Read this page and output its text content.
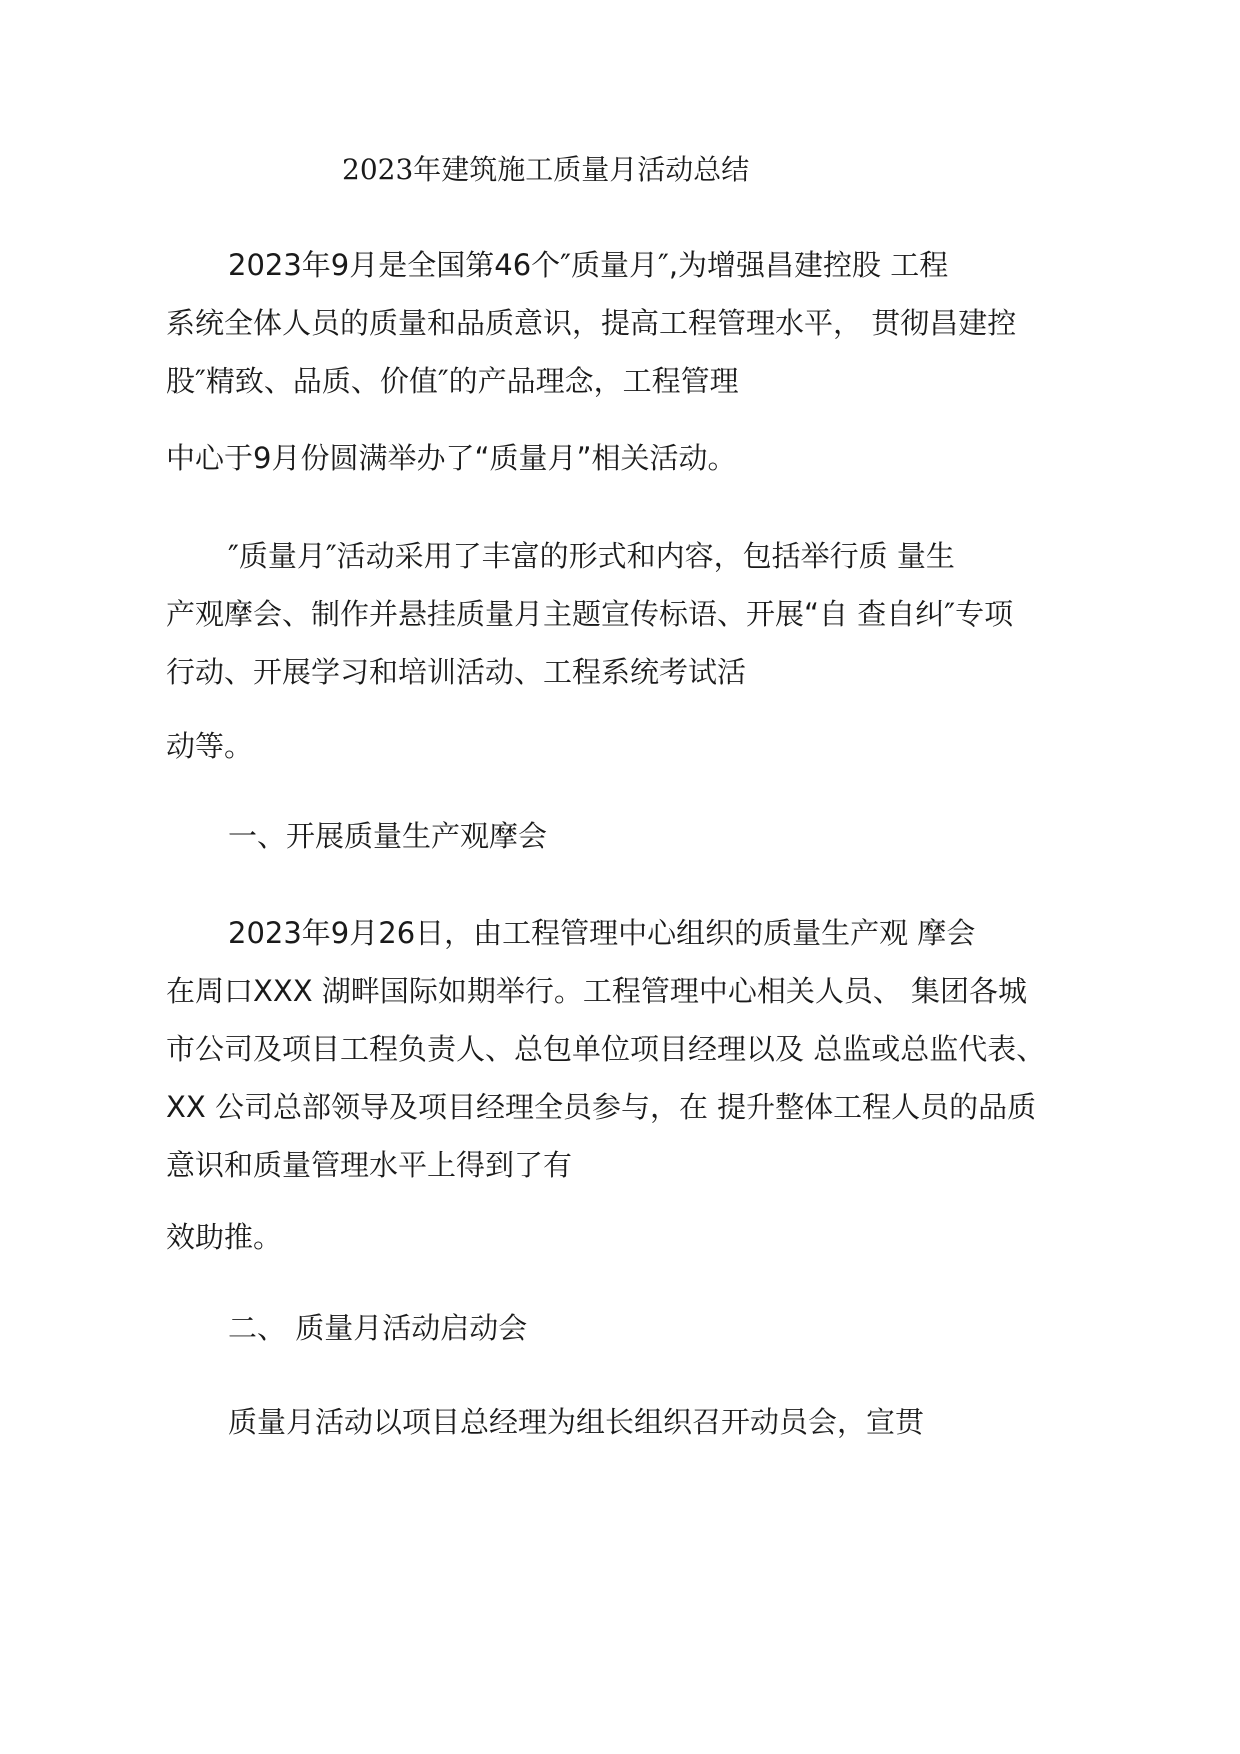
2023年建筑施工质量月活动总结

2023年9月是全国第46个″质量月″,为增强昌建控股 工程

系统全体人员的质量和品质意识，提高工程管理水平， 贯彻昌建控

股″精致、品质、价值″的产品理念，工程管理

中心于9月份圆满举办了“质量月”相关活动。

″质量月″活动采用了丰富的形式和内容，包括举行质 量生

产观摩会、制作并悬挂质量月主题宣传标语、开展“自 查自纠″专项

行动、开展学习和培训活动、工程系统考试活

动等。

一、开展质量生产观摩会

2023年9月26日，由工程管理中心组织的质量生产观 摩会

在周口XXX 湖畔国际如期举行。工程管理中心相关人员、 集团各城

市公司及项目工程负责人、总包单位项目经理以及 总监或总监代表、

XX 公司总部领导及项目经理全员参与，在 提升整体工程人员的品质

意识和质量管理水平上得到了有

效助推。

二、 质量月活动启动会

质量月活动以项目总经理为组长组织召开动员会，宣贯
